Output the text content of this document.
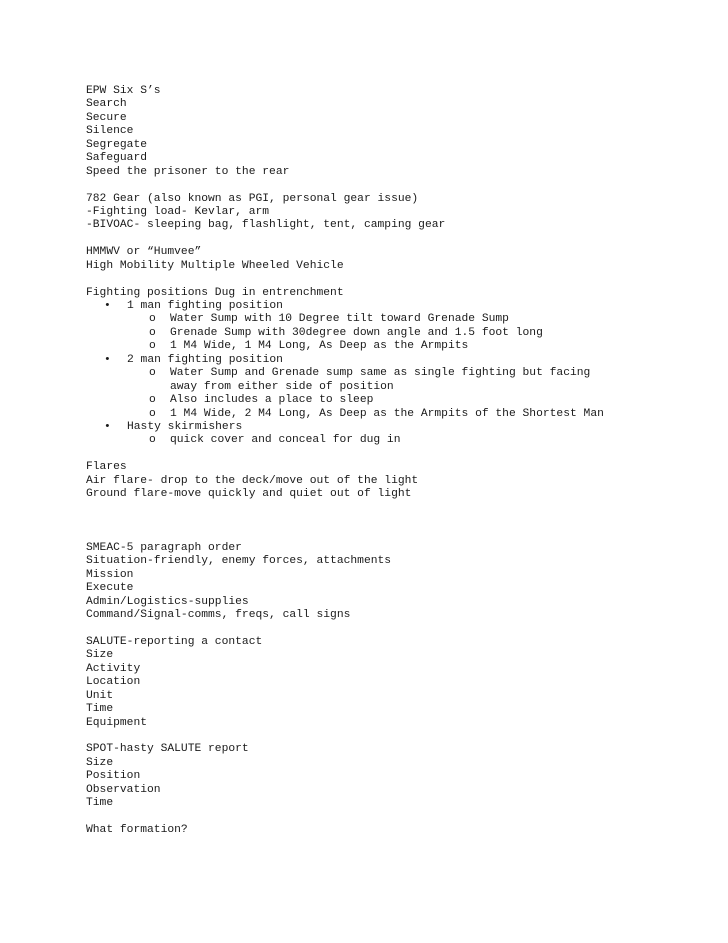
EPW Six S’s
Search
Secure
Silence
Segregate
Safeguard
Speed the prisoner to the rear
782 Gear (also known as PGI, personal gear issue)
-Fighting load- Kevlar, arm
-BIVOAC- sleeping bag, flashlight, tent, camping gear
HMMWV or “Humvee”
High Mobility Multiple Wheeled Vehicle
Fighting positions Dug in entrenchment
• 1 man fighting position
o Water Sump with 10 Degree tilt toward Grenade Sump
o Grenade Sump with 30degree down angle and 1.5 foot long
o 1 M4 Wide, 1 M4 Long, As Deep as the Armpits
• 2 man fighting position
o Water Sump and Grenade sump same as single fighting but facing
away from either side of position
o Also includes a place to sleep
o 1 M4 Wide, 2 M4 Long, As Deep as the Armpits of the Shortest Man
• Hasty skirmishers
o quick cover and conceal for dug in
Flares
Air flare- drop to the deck/move out of the light
Ground flare-move quickly and quiet out of light
SMEAC-5 paragraph order
Situation-friendly, enemy forces, attachments
Mission
Execute
Admin/Logistics-supplies
Command/Signal-comms, freqs, call signs
SALUTE-reporting a contact
Size
Activity
Location
Unit
Time
Equipment
SPOT-hasty SALUTE report
Size
Position
Observation
Time
What formation?
